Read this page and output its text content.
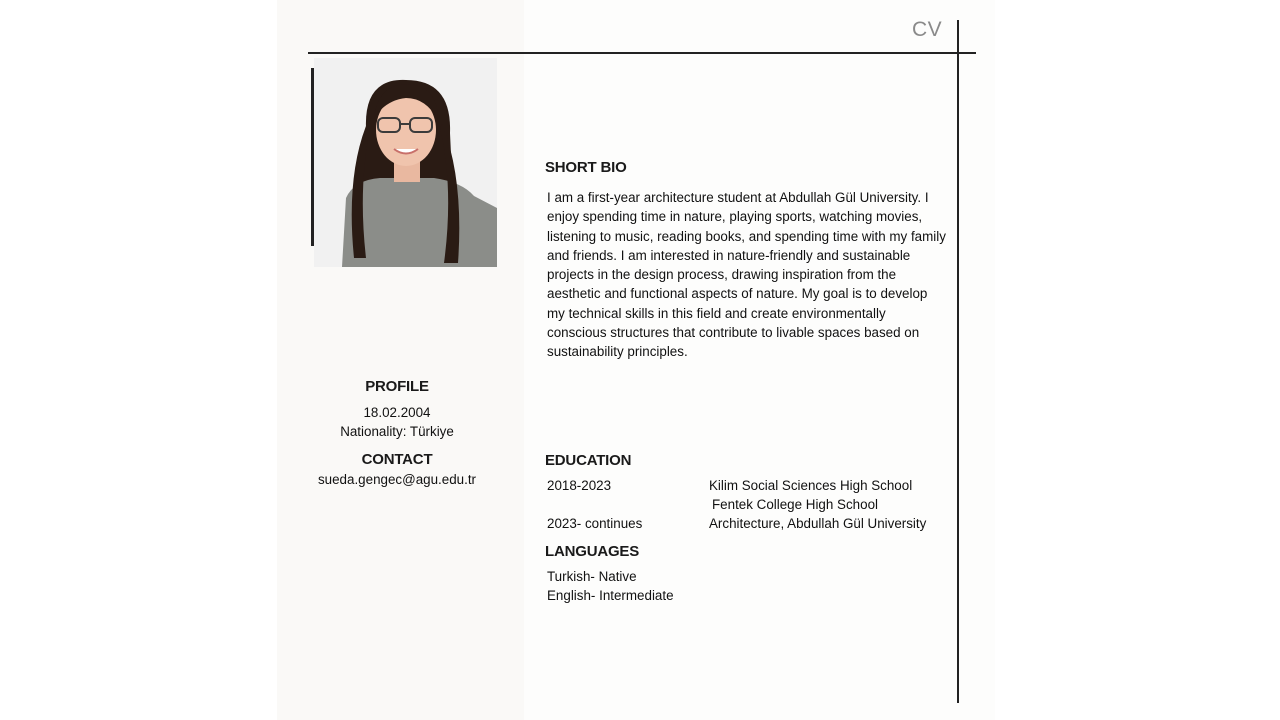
CV
SHORT BIO
I am a first-year architecture student at Abdullah Gül University. I enjoy spending time in nature, playing sports, watching movies, listening to music, reading books, and spending time with my family and friends. I am interested in nature-friendly and sustainable projects in the design process, drawing inspiration from the aesthetic and functional aspects of nature. My goal is to develop my technical skills in this field and create environmentally conscious structures that contribute to livable spaces based on sustainability principles.
PROFILE
18.02.2004
Nationality: Türkiye
CONTACT
sueda.gengec@agu.edu.tr
EDUCATION
2018-2023	Kilim Social Sciences High School
Fentek College High School
2023- continues	Architecture, Abdullah Gül University
LANGUAGES
Turkish- Native
English- Intermediate
